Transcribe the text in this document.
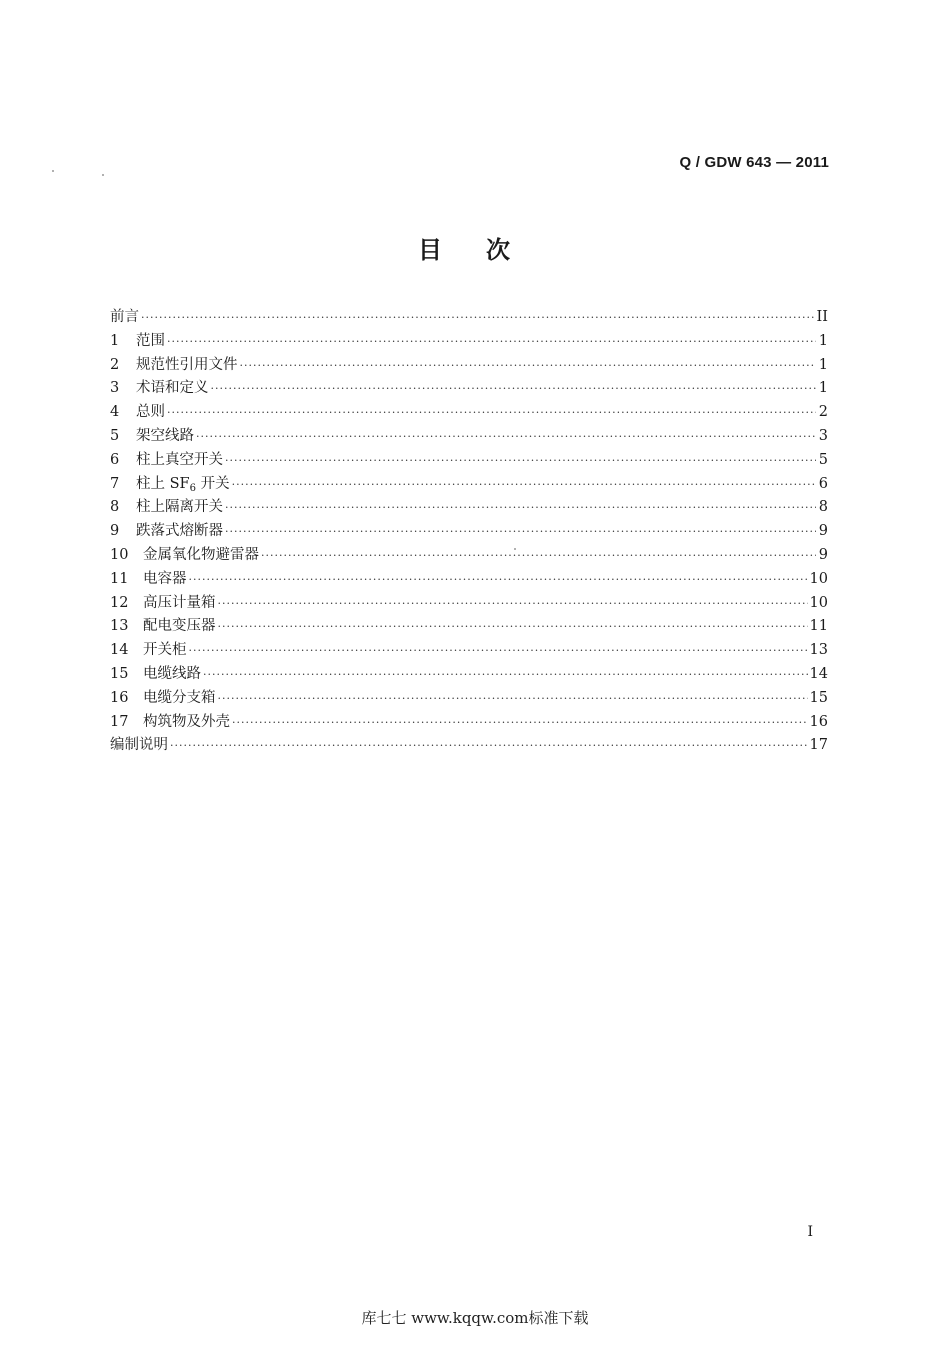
Q / GDW 643 — 2011
目次
前言 ·····	II
1	范围 ·····	1
2	规范性引用文件 ·····	1
3	术语和定义 ·····	1
4	总则 ·····	2
5	架空线路 ·····	3
6	柱上真空开关 ·····	5
7	柱上 $SF_6$ 开关 ·····	6
8	柱上隔离开关 ·····	8
9	跌落式熔断器 ·····	9
10	金属氧化物避雷器 ·····	9
11	电容器 ·····	10
12	高压计量箱 ·····	10
13	配电变压器 ·····	11
14	开关柜 ·····	13
15	电缆线路 ·····	14
16	电缆分支箱 ·····	15
17	构筑物及外壳 ·····	16
编制说明 ·····	17
I
库七七 www.kqqw.com标准下载
